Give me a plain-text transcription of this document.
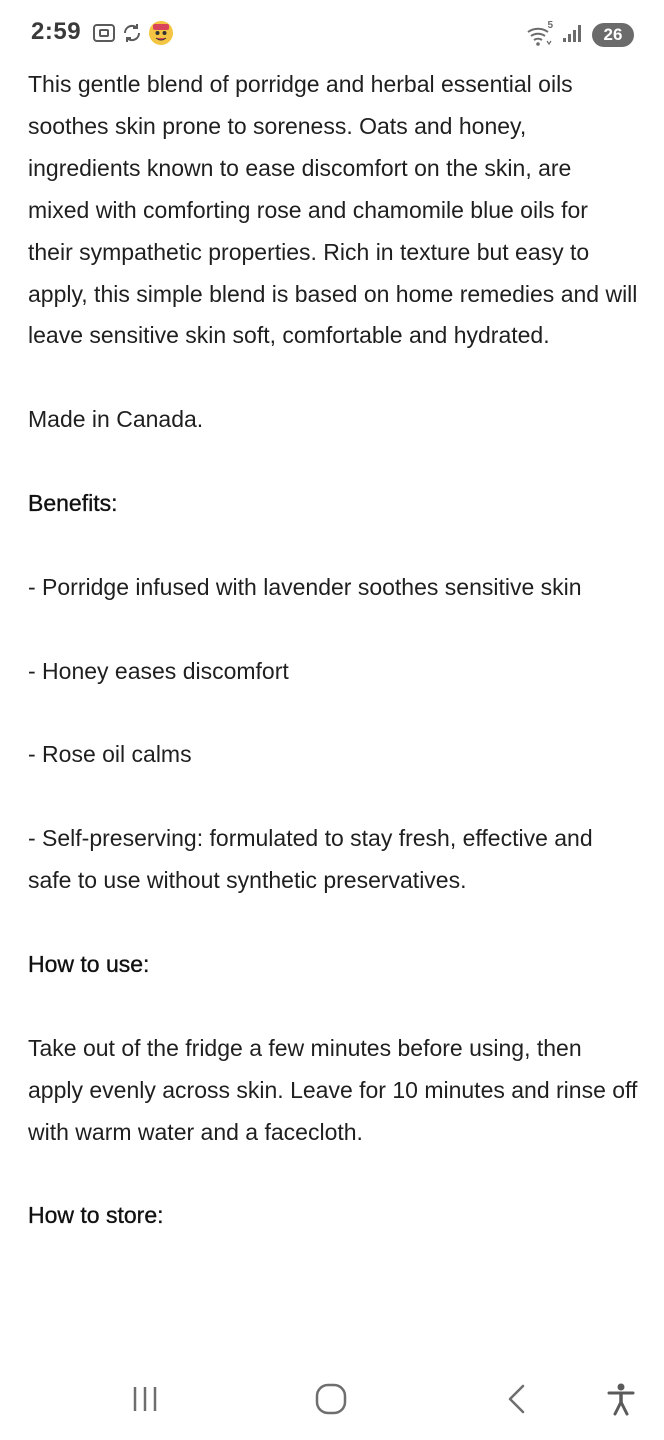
2:59	5	26

This gentle blend of porridge and herbal essential oils soothes skin prone to soreness. Oats and honey, ingredients known to ease discomfort on the skin, are mixed with comforting rose and chamomile blue oils for their sympathetic properties. Rich in texture but easy to apply, this simple blend is based on home remedies and will leave sensitive skin soft, comfortable and hydrated.

Made in Canada.

Benefits:

- Porridge infused with lavender soothes sensitive skin

- Honey eases discomfort

- Rose oil calms

- Self-preserving: formulated to stay fresh, effective and safe to use without synthetic preservatives.

How to use:

Take out of the fridge a few minutes before using, then apply evenly across skin. Leave for 10 minutes and rinse off with warm water and a facecloth.

How to store:
